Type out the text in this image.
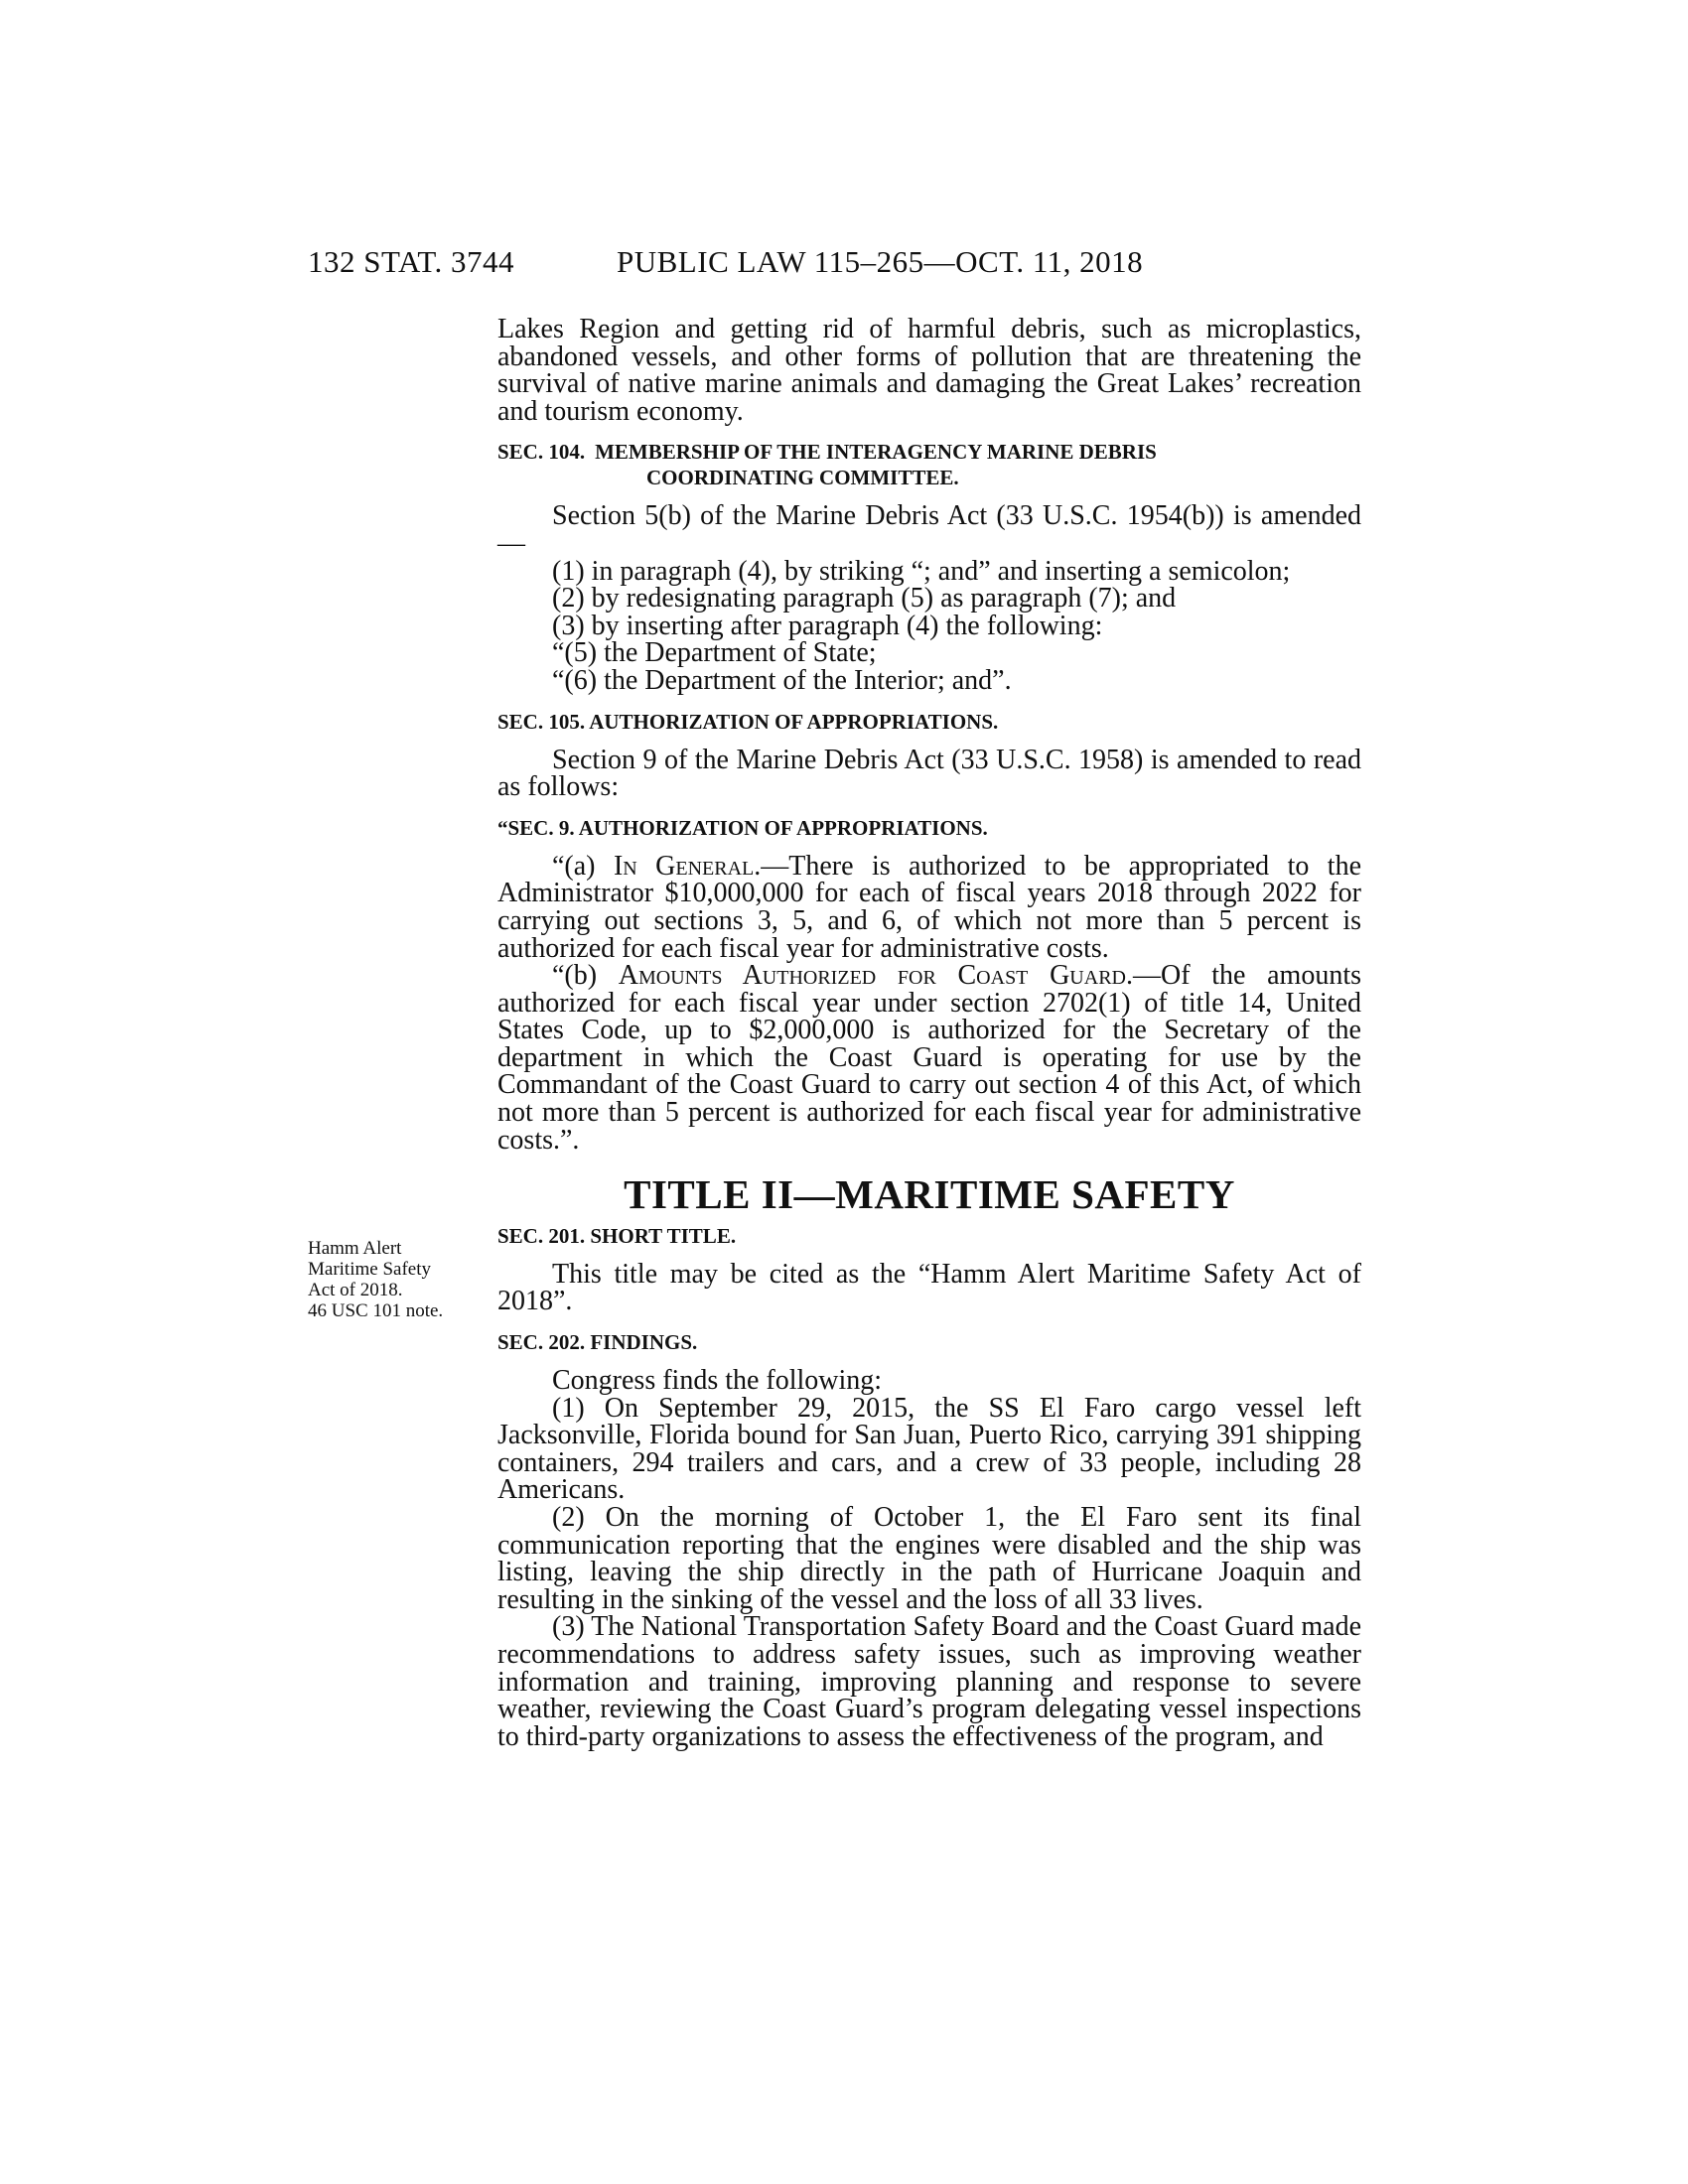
132 STAT. 3744	PUBLIC LAW 115–265—OCT. 11, 2018
Hamm Alert
Maritime Safety
Act of 2018.
46 USC 101 note.

Lakes Region and getting rid of harmful debris, such as microplastics, abandoned vessels, and other forms of pollution that are threatening the survival of native marine animals and damaging the Great Lakes’ recreation and tourism economy.

SEC. 104. MEMBERSHIP OF THE INTERAGENCY MARINE DEBRIS
COORDINATING COMMITTEE.

Section 5(b) of the Marine Debris Act (33 U.S.C. 1954(b)) is amended—

(1) in paragraph (4), by striking “; and” and inserting a semicolon;

(2) by redesignating paragraph (5) as paragraph (7); and

(3) by inserting after paragraph (4) the following:

“(5) the Department of State;

“(6) the Department of the Interior; and”.

SEC. 105. AUTHORIZATION OF APPROPRIATIONS.

Section 9 of the Marine Debris Act (33 U.S.C. 1958) is amended to read as follows:

“SEC. 9. AUTHORIZATION OF APPROPRIATIONS.

“(a) In General.—There is authorized to be appropriated to the Administrator $10,000,000 for each of fiscal years 2018 through 2022 for carrying out sections 3, 5, and 6, of which not more than 5 percent is authorized for each fiscal year for administrative costs.

“(b) Amounts Authorized for Coast Guard.—Of the amounts authorized for each fiscal year under section 2702(1) of title 14, United States Code, up to $2,000,000 is authorized for the Secretary of the department in which the Coast Guard is operating for use by the Commandant of the Coast Guard to carry out section 4 of this Act, of which not more than 5 percent is authorized for each fiscal year for administrative costs.”.

TITLE II—MARITIME SAFETY
SEC. 201. SHORT TITLE.

This title may be cited as the “Hamm Alert Maritime Safety Act of 2018”.

SEC. 202. FINDINGS.

Congress finds the following:

(1) On September 29, 2015, the SS El Faro cargo vessel left Jacksonville, Florida bound for San Juan, Puerto Rico, carrying 391 shipping containers, 294 trailers and cars, and a crew of 33 people, including 28 Americans.

(2) On the morning of October 1, the El Faro sent its final communication reporting that the engines were disabled and the ship was listing, leaving the ship directly in the path of Hurricane Joaquin and resulting in the sinking of the vessel and the loss of all 33 lives.

(3) The National Transportation Safety Board and the Coast Guard made recommendations to address safety issues, such as improving weather information and training, improving planning and response to severe weather, reviewing the Coast Guard’s program delegating vessel inspections to third-party organizations to assess the effectiveness of the program, and
